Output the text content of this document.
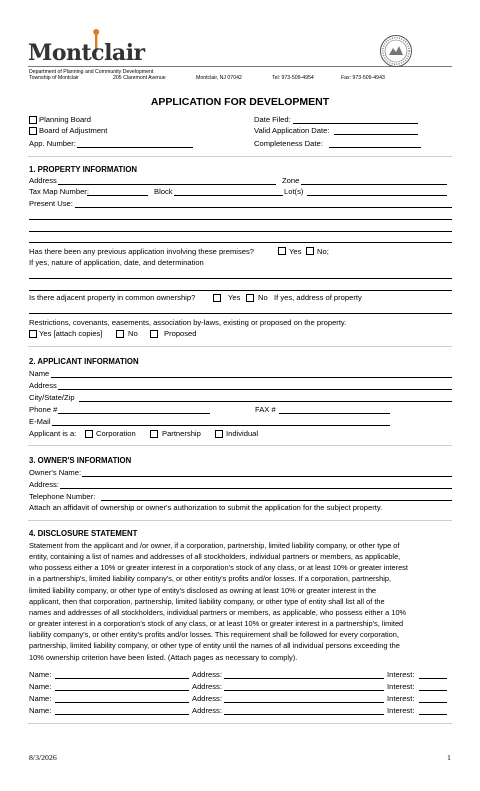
Montclair
Department of Planning and Community Development
Township of Montclair	205 Claremont Avenue	Montclair, NJ 07042	Tel: 973-509-4954	Fax: 973-509-4943
APPLICATION FOR DEVELOPMENT
Planning Board
Board of Adjustment
App. Number:
Date Filed:
Valid Application Date:
Completeness Date:
1. PROPERTY INFORMATION
Address	Zone
Tax Map Number:	Block	Lot(s)
Present Use:
Has there been any previous application involving these premises?	Yes No;
If yes, nature of application, date, and determination
Is there adjacent property in common ownership?	Yes No If yes, address of property
Restrictions, covenants, easements, association by-laws, existing or proposed on the property.
Yes [attach copies]	No	Proposed
2. APPLICANT INFORMATION
Name
Address
City/State/Zip
Phone #	FAX #
E-Mail
Applicant is a:	Corporation	Partnership	Individual
3. OWNER'S INFORMATION
Owner's Name:
Address:
Telephone Number:
Attach an affidavit of ownership or owner's authorization to submit the application for the subject property.
4. DISCLOSURE STATEMENT
Statement from the applicant and /or owner, if a corporation, partnership, limited liability company, or other type of
entity, containing a list of names and addresses of all stockholders, individual partners or members, as applicable,
who possess either a 10% or greater interest in a corporation's stock of any class, or at least 10% or greater interest
in a partnership's, limited liability company's, or other entity's profits and/or losses. If a corporation, partnership,
limited liability company, or other type of entity's disclosed as owning at least 10% or greater interest in the
applicant, then that corporation, partnership, limited liability company, or other type of entity shall list all of the
names and addresses of all stockholders, individual partners or members, as applicable, who possess either a 10%
or greater interest in a corporation's stock of any class, or at least 10% or greater interest in a partnership's, limited
liability company's, or other entity's profits and/or losses. This requirement shall be followed for every corporation,
partnership, limited liability company, or other type of entity until the names of all individual persons exceeding the
10% ownership criterion have been listed. (Attach pages as necessary to comply).
Name:	Address:	Interest:
Name:	Address:	Interest:
Name:	Address:	Interest:
Name:	Address:	Interest:
8/3/2026	1
